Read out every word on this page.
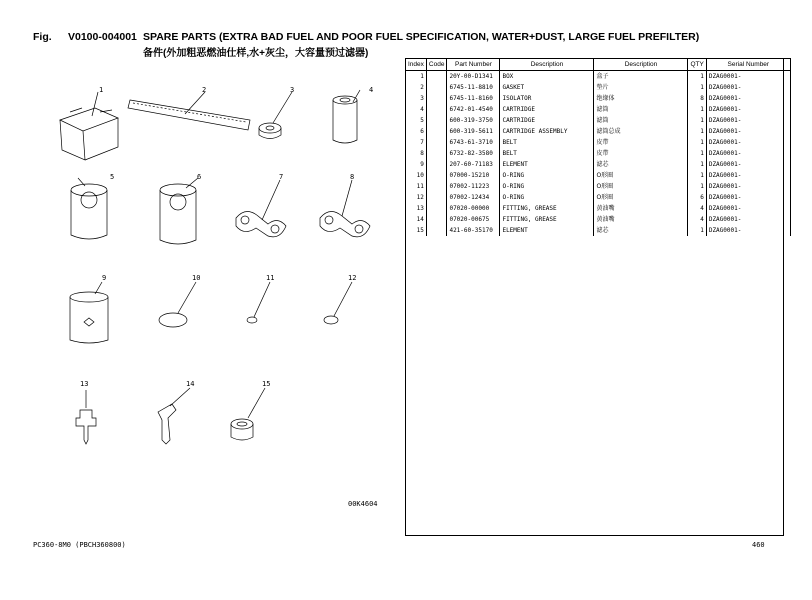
Fig. V0100-004001 SPARE PARTS (EXTRA BAD FUEL AND POOR FUEL SPECIFICATION, WATER+DUST, LARGE FUEL PREFILTER)
备件(外加粗恶燃油仕样,水+灰尘，大容量预过滤器)
1	2	3	4
5	6	7	8
9	10	11	12
13	14	15
00K4604
Index	Code	Part Number	Description	Description	QTY	Serial Number
1		20Y-00-D1341	BOX	盒子	1	DZAG0001-
2		6745-11-8810	GASKET	垫片	1	DZAG0001-
3		6745-11-8160	ISOLATOR	绝缘体	8	DZAG0001-
4		6742-01-4540	CARTRIDGE	滤筒	1	DZAG0001-
5		600-319-3750	CARTRIDGE	滤筒	1	DZAG0001-
6		600-319-5611	CARTRIDGE ASSEMBLY	滤筒总成	1	DZAG0001-
7		6743-61-3710	BELT	皮带	1	DZAG0001-
8		6732-82-3580	BELT	皮带	1	DZAG0001-
9		207-60-71183	ELEMENT	滤芯	1	DZAG0001-
10		07000-15210	O-RING	O形圈	1	DZAG0001-
11		07002-11223	O-RING	O形圈	1	DZAG0001-
12		07002-12434	O-RING	O形圈	6	DZAG0001-
13		07020-00000	FITTING, GREASE	黄油嘴	4	DZAG0001-
14		07020-00675	FITTING, GREASE	黄油嘴	4	DZAG0001-
15		421-60-35170	ELEMENT	滤芯	1	DZAG0001-
PC360-8M0 (PBCH360800)	460
